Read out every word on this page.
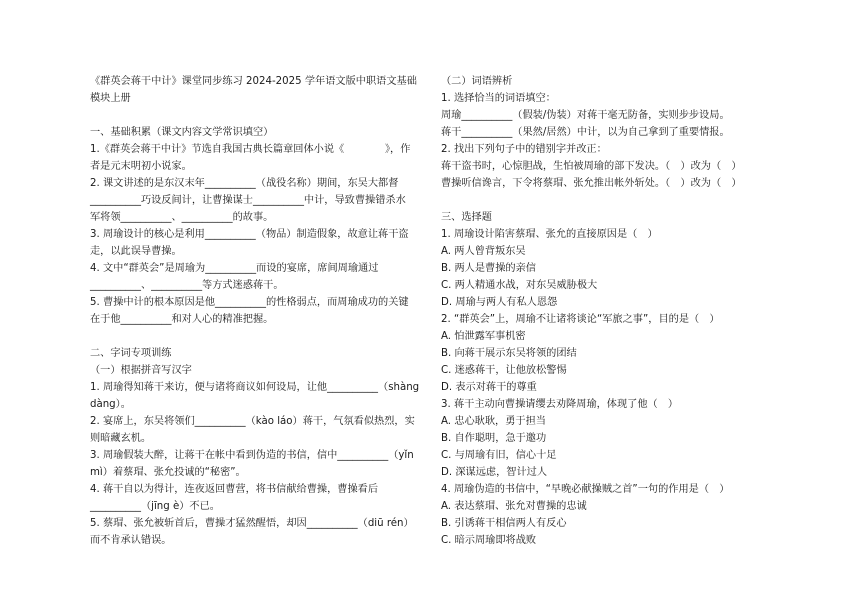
《群英会蒋干中计》课堂同步练习 2024-2025 学年语文版中职语文基础
模块上册
一、基础积累（课文内容文学常识填空）
1.《群英会蒋干中计》节选自我国古典长篇章回体小说《　　　　》，作
者是元末明初小说家。
2. 课文讲述的是东汉末年__________（战役名称）期间，东吴大都督
__________巧设反间计，让曹操谋士__________中计，导致曹操错杀水
军将领__________、__________的故事。
3. 周瑜设计的核心是利用__________（物品）制造假象，故意让蒋干盗
走，以此误导曹操。
4. 文中“群英会”是周瑜为__________而设的宴席，席间周瑜通过
__________、__________等方式迷惑蒋干。
5. 曹操中计的根本原因是他__________的性格弱点，而周瑜成功的关键
在于他__________和对人心的精准把握。
二、字词专项训练
（一）根据拼音写汉字
1. 周瑜得知蒋干来访，便与诸将商议如何设局，让他__________（shàng
dàng）。
2. 宴席上，东吴将领们__________（kào láo）蒋干，气氛看似热烈，实
则暗藏玄机。
3. 周瑜假装大醉，让蒋干在帐中看到伪造的书信，信中__________（yǐn
mì）着蔡瑁、张允投诚的“秘密”。
4. 蒋干自以为得计，连夜返回曹营，将书信献给曹操，曹操看后
__________（jīng è）不已。
5. 蔡瑁、张允被斩首后，曹操才猛然醒悟，却因__________（diū rén）
而不肯承认错误。
（二）词语辨析
1. 选择恰当的词语填空：
周瑜__________（假装/伪装）对蒋干毫无防备，实则步步设局。
蒋干__________（果然/居然）中计，以为自己拿到了重要情报。
2. 找出下列句子中的错别字并改正：
蒋干盗书时，心惊胆战，生怕被周瑜的部下发决。（　）改为（　）
曹操听信谗言，下令将蔡瑁、张允推出帐外斩处。（　）改为（　）
三、选择题
1. 周瑜设计陷害蔡瑁、张允的直接原因是（　）
A. 两人曾背叛东吴
B. 两人是曹操的亲信
C. 两人精通水战，对东吴威胁极大
D. 周瑜与两人有私人恩怨
2. “群英会”上，周瑜不让诸将谈论“军旅之事”，目的是（　）
A. 怕泄露军事机密
B. 向蒋干展示东吴将领的团结
C. 迷惑蒋干，让他放松警惕
D. 表示对蒋干的尊重
3. 蒋干主动向曹操请缨去劝降周瑜，体现了他（　）
A. 忠心耿耿，勇于担当
B. 自作聪明，急于邀功
C. 与周瑜有旧，信心十足
D. 深谋远虑，智计过人
4. 周瑜伪造的书信中，“早晚必献操贼之首”一句的作用是（　）
A. 表达蔡瑁、张允对曹操的忠诚
B. 引诱蒋干相信两人有反心
C. 暗示周瑜即将战败
